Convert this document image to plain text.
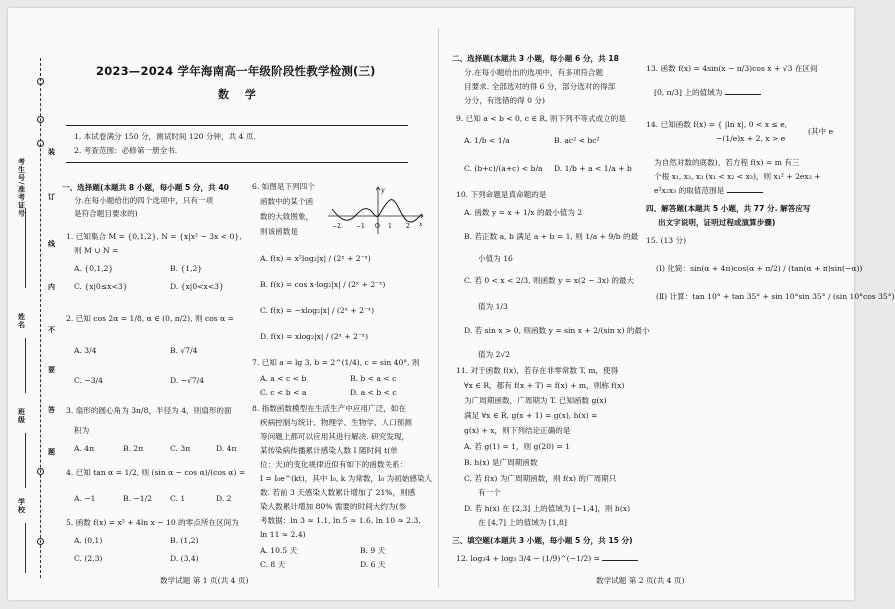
装
订
线
内
不
要
答
题
考生号/准考证号
姓名
班级
学校
2023—2024 学年海南高一年级阶段性教学检测(三)
数 学
1. 本试卷满分 150 分，测试时间 120 分钟，共 4 页.
2. 考查范围：必修第一册全书.
一、选择题(本题共 8 小题，每小题 5 分，共 40
分.在每小题给出的四个选项中，只有一项
是符合题目要求的)
1. 已知集合 M = {0,1,2}, N = {x|x² − 3x < 0},
则 M ∪ N =
A. {0,1,2}	B. {1,2}
C. {x|0≤x<3}	D. {x|0<x<3}
2. 已知 cos 2α = 1/8, α ∈ (0, π/2), 则 cos α =
A. 3/4	B. √7/4
C. −3/4	D. −√7/4
3. 扇形的圆心角为 3π/8，半径为 4，则扇形的面
积为
A. 4π	B. 2π	C. 3π	D. 4π
4. 已知 tan α = 1/2, 则 (sin α − cos α)/(cos α) =
A. −1	B. −1/2 C. 1	D. 2
5. 函数 f(x) = x² + 4ln x − 10 的零点所在区间为
A. (0,1)	B. (1,2)
C. (2,3)	D. (3,4)
6. 如图是下列四个
函数中的某个函
数的大致图象，
则该函数是
−2	−1 O 1 2 x
y
A. f(x) = x²log₂|x| / (2ˣ + 2⁻ˣ)
B. f(x) = cos x·log₂|x| / (2ˣ + 2⁻ˣ)
C. f(x) = −xlog₂|x| / (2ˣ + 2⁻ˣ)
D. f(x) = xlog₂|x| / (2ˣ + 2⁻ˣ)
7. 已知 a = lg 3, b = 2^(1/4), c = sin 40°, 则
A. a < c < b	B. b < a < c
C. c < b < a	D. a < b < c
8. 指数函数模型在生活生产中应用广泛，如在
疾病控制与统计、物理学、生物学、人口预测
等问题上都可以应用其进行解决. 研究发现，
某传染病传播累计感染人数 I 随时间 t(单
位：天)的变化规律近似有如下的函数关系：
I = I₀e^(kt)，其中 I₀, k 为常数，I₀ 为初始感染人
数. 若前 3 天感染人数累计增加了 21%，则感
染人数累计增加 80% 需要的时间大约为(参
考数据：ln 3 ≈ 1.1, ln 5 ≈ 1.6, ln 10 ≈ 2.3,
ln 11 ≈ 2.4)
A. 10.5 天	B. 9 天
C. 8 天	D. 6 天
二、选择题(本题共 3 小题，每小题 6 分，共 18
分.在每小题给出的选项中，有多项符合题
目要求. 全部选对的得 6 分，部分选对的得部
分分，有选错的得 0 分)
9. 已知 a < b < 0, c ∈ R, 则下列不等式成立的是
A. 1/b < 1/a	B. ac² < bc²
C. (b+c)/(a+c) < b/a D. 1/b + a < 1/a + b
10. 下列命题是真命题的是
A. 函数 y = x + 1/x 的最小值为 2
B. 若正数 a, b 满足 a + b = 1, 则 1/a + 9/b 的最
小值为 16
C. 若 0 < x < 2/3, 则函数 y = x(2 − 3x) 的最大
值为 1/3
D. 若 sin x > 0, 则函数 y = sin x + 2/(sin x) 的最小
值为 2√2
11. 对于函数 f(x)，若存在非零常数 T, m，使得
∀x ∈ R，都有 f(x + T) = f(x) + m，则称 f(x)
为广周期函数，广周期为 T. 已知函数 g(x)
满足 ∀x ∈ R, g(x + 1) = g(x), h(x) =
g(x) + x，则下列结论正确的是
A. 若 g(1) = 1，则 g(20) = 1
B. h(x) 是广周期函数
C. 若 f(x) 为广周期函数，则 f(x) 的广周期只
有一个
D. 若 h(x) 在 [2,3] 上的值域为 [−1,4]，则 h(x)
在 [4,7] 上的值域为 [1,8]
三、填空题(本题共 3 小题，每小题 5 分，共 15 分)
12. log₃4 + log₃ 3/4 − (1/9)^(−1/2) =
13. 函数 f(x) = 4sin(x − π/3)cos x + √3 在区间
[0, π/3] 上的值域为
14. 已知函数 f(x) = { |ln x|, 0 < x ≤ e,
−(1/e)x + 2, x > e
(其中 e
为自然对数的底数)，若方程 f(x) = m 有三
个根 x₁, x₂, x₃ (x₁ < x₂ < x₃)，则 x₁² + 2ex₂ +
e²x₂x₃ 的取值范围是
四、解答题(本题共 5 小题，共 77 分. 解答应写
出文字说明，证明过程或演算步骤)
15. (13 分)
(Ⅰ) 化简：sin(α + 4π)cos(α + π/2) / (tan(α + π)sin(−α))
(Ⅱ) 计算：tan 10° + tan 35° + sin 10°sin 35° / (sin 10°cos 35°)
数学试题 第 1 页(共 4 页)	数学试题 第 2 页(共 4 页)
